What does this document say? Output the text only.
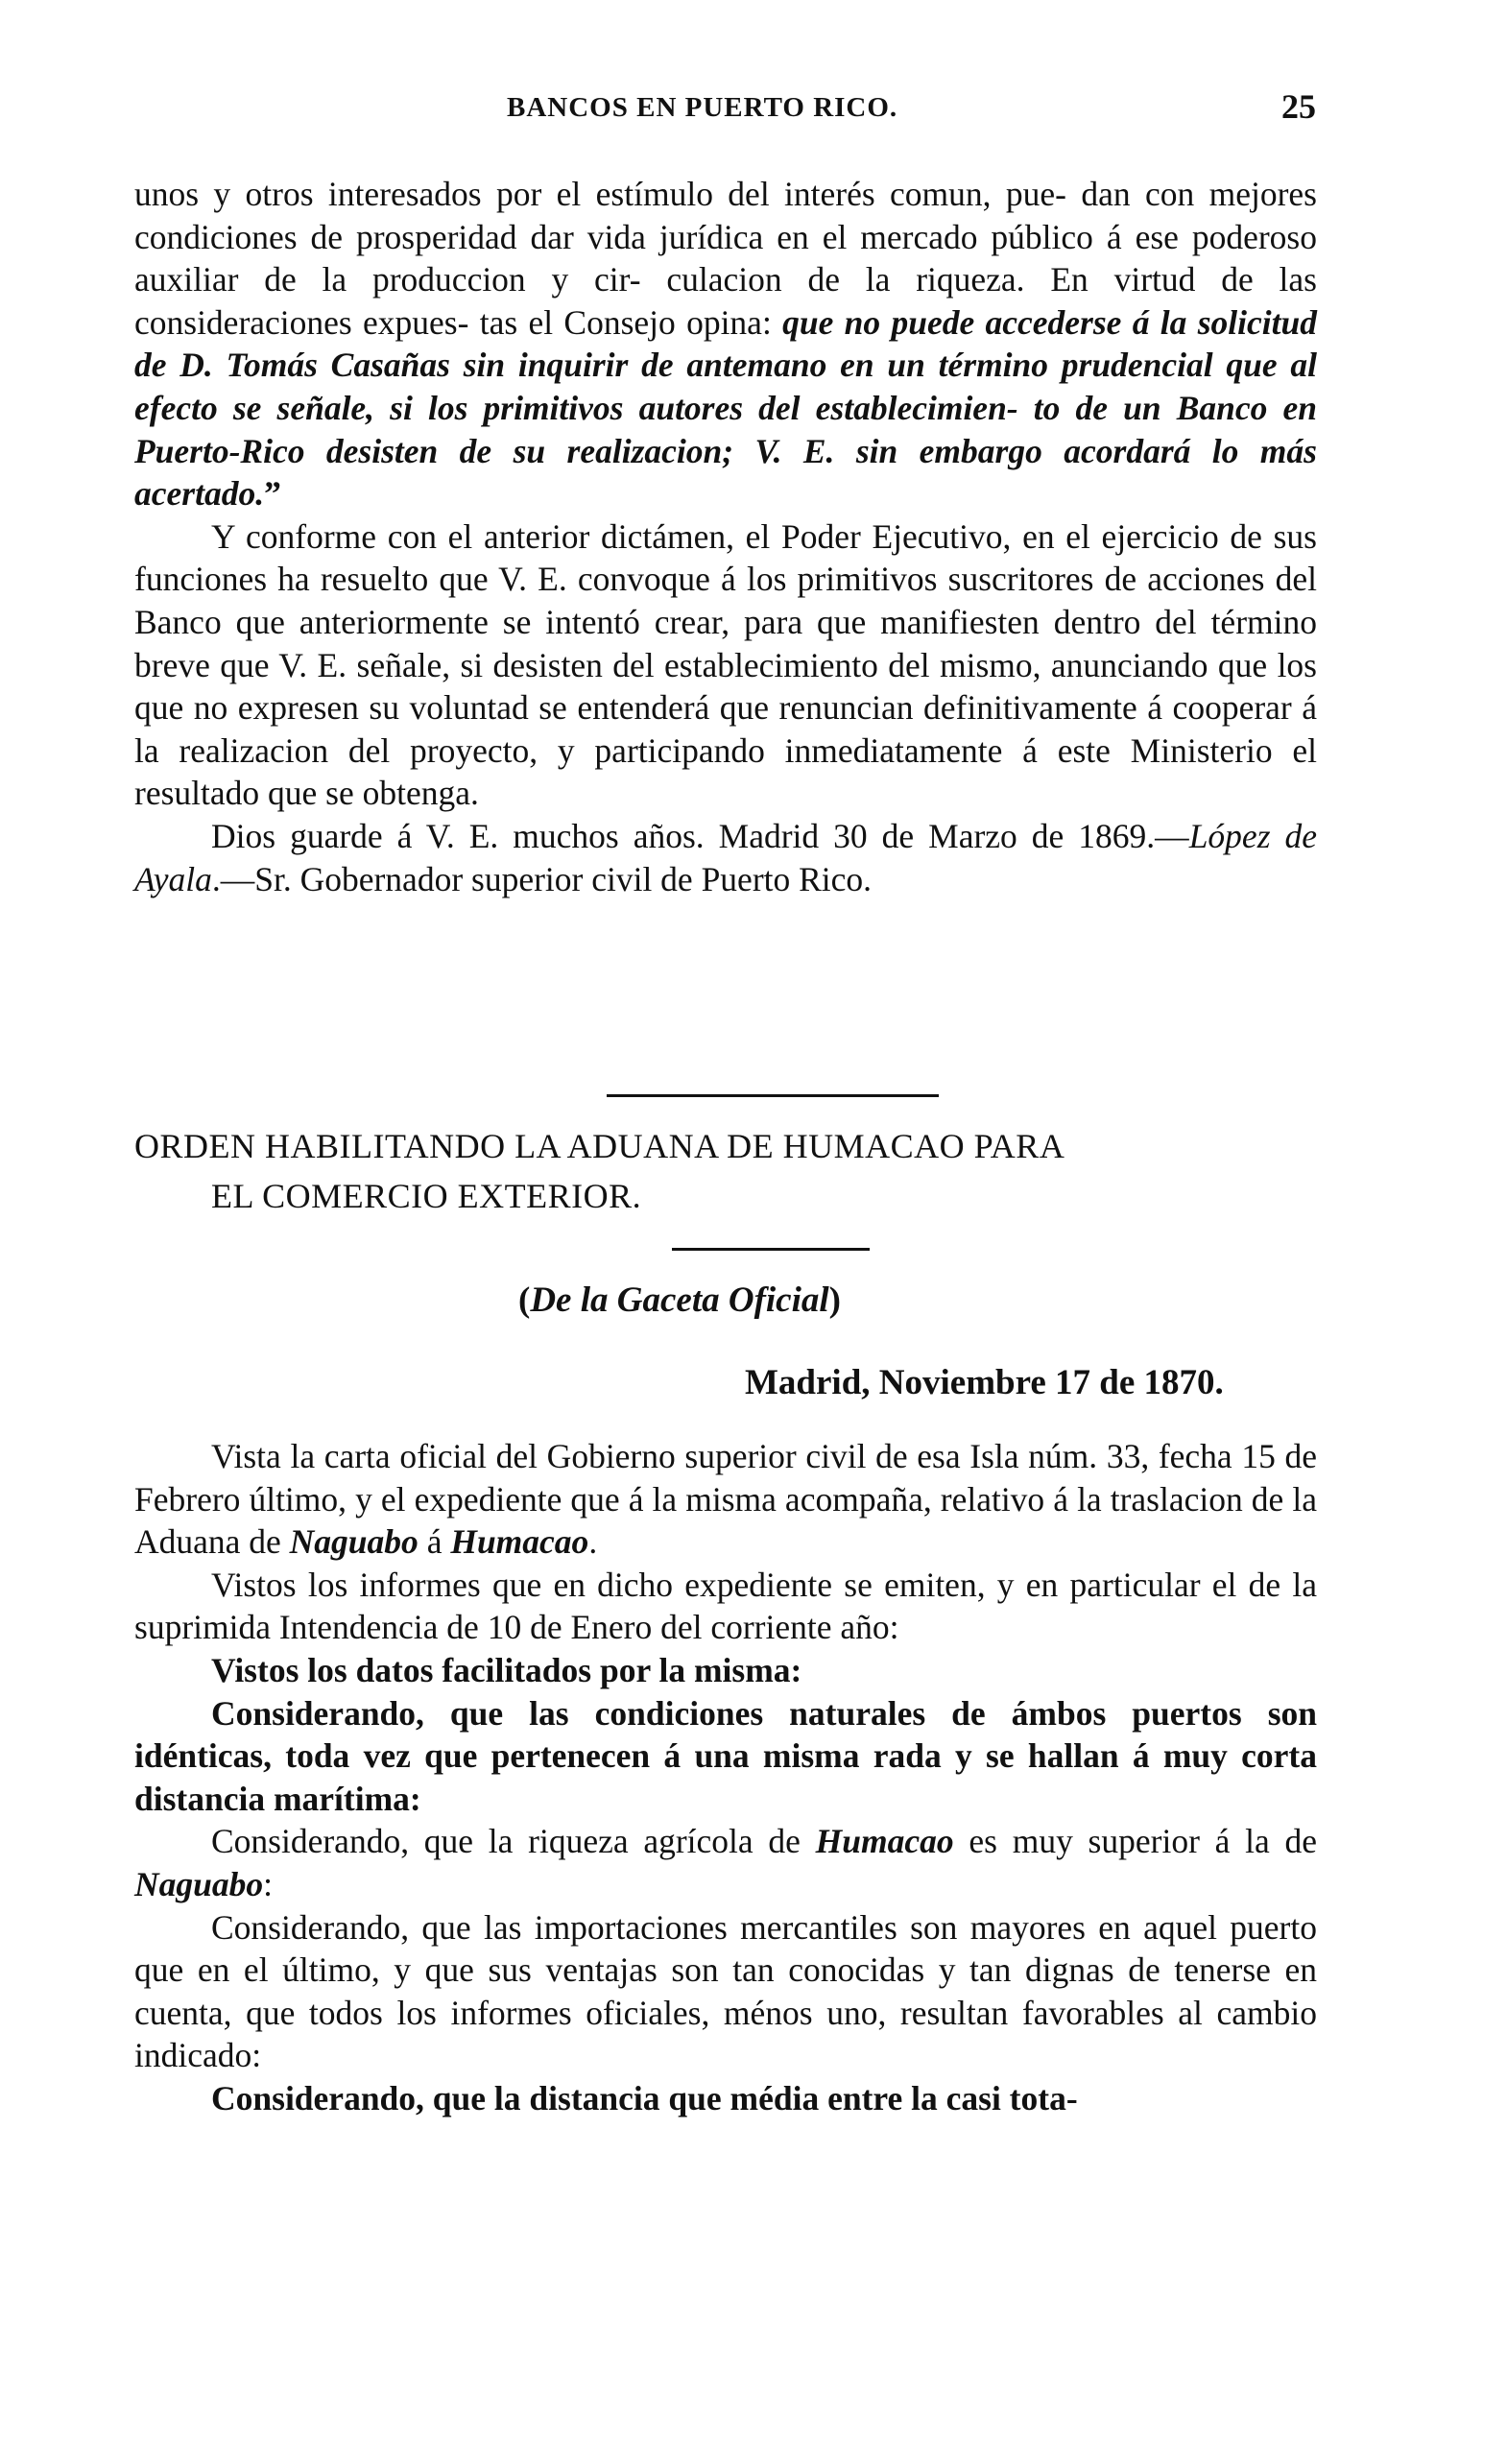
BANCOS EN PUERTO RICO.	25

unos y otros interesados por el estímulo del interés comun, pue- dan con mejores condiciones de prosperidad dar vida jurídica en el mercado público á ese poderoso auxiliar de la produccion y cir- culacion de la riqueza. En virtud de las consideraciones expues- tas el Consejo opina: que no puede accederse á la solicitud de D. Tomás Casañas sin inquirir de antemano en un término prudencial que al efecto se señale, si los primitivos autores del establecimien- to de un Banco en Puerto-Rico desisten de su realizacion; V. E. sin embargo acordará lo más acertado.”

Y conforme con el anterior dictámen, el Poder Ejecutivo, en el ejercicio de sus funciones ha resuelto que V. E. convoque á los primitivos suscritores de acciones del Banco que anteriormente se intentó crear, para que manifiesten dentro del término breve que V. E. señale, si desisten del establecimiento del mismo, anunciando que los que no expresen su voluntad se entenderá que renuncian definitivamente á cooperar á la realizacion del proyecto, y participando inmediatamente á este Ministerio el resultado que se obtenga.

Dios guarde á V. E. muchos años. Madrid 30 de Marzo de 1869.—López de Ayala.—Sr. Gobernador superior civil de Puerto Rico.

ORDEN HABILITANDO LA ADUANA DE HUMACAO PARA
EL COMERCIO EXTERIOR.
(De la Gaceta Oficial)
Madrid, Noviembre 17 de 1870.

Vista la carta oficial del Gobierno superior civil de esa Isla núm. 33, fecha 15 de Febrero último, y el expediente que á la misma acompaña, relativo á la traslacion de la Aduana de Naguabo á Humacao.

Vistos los informes que en dicho expediente se emiten, y en particular el de la suprimida Intendencia de 10 de Enero del corriente año:

Vistos los datos facilitados por la misma:

Considerando, que las condiciones naturales de ámbos puertos son idénticas, toda vez que pertenecen á una misma rada y se hallan á muy corta distancia marítima:

Considerando, que la riqueza agrícola de Humacao es muy superior á la de Naguabo:

Considerando, que las importaciones mercantiles son mayores en aquel puerto que en el último, y que sus ventajas son tan conocidas y tan dignas de tenerse en cuenta, que todos los informes oficiales, ménos uno, resultan favorables al cambio indicado:

Considerando, que la distancia que média entre la casi tota-
